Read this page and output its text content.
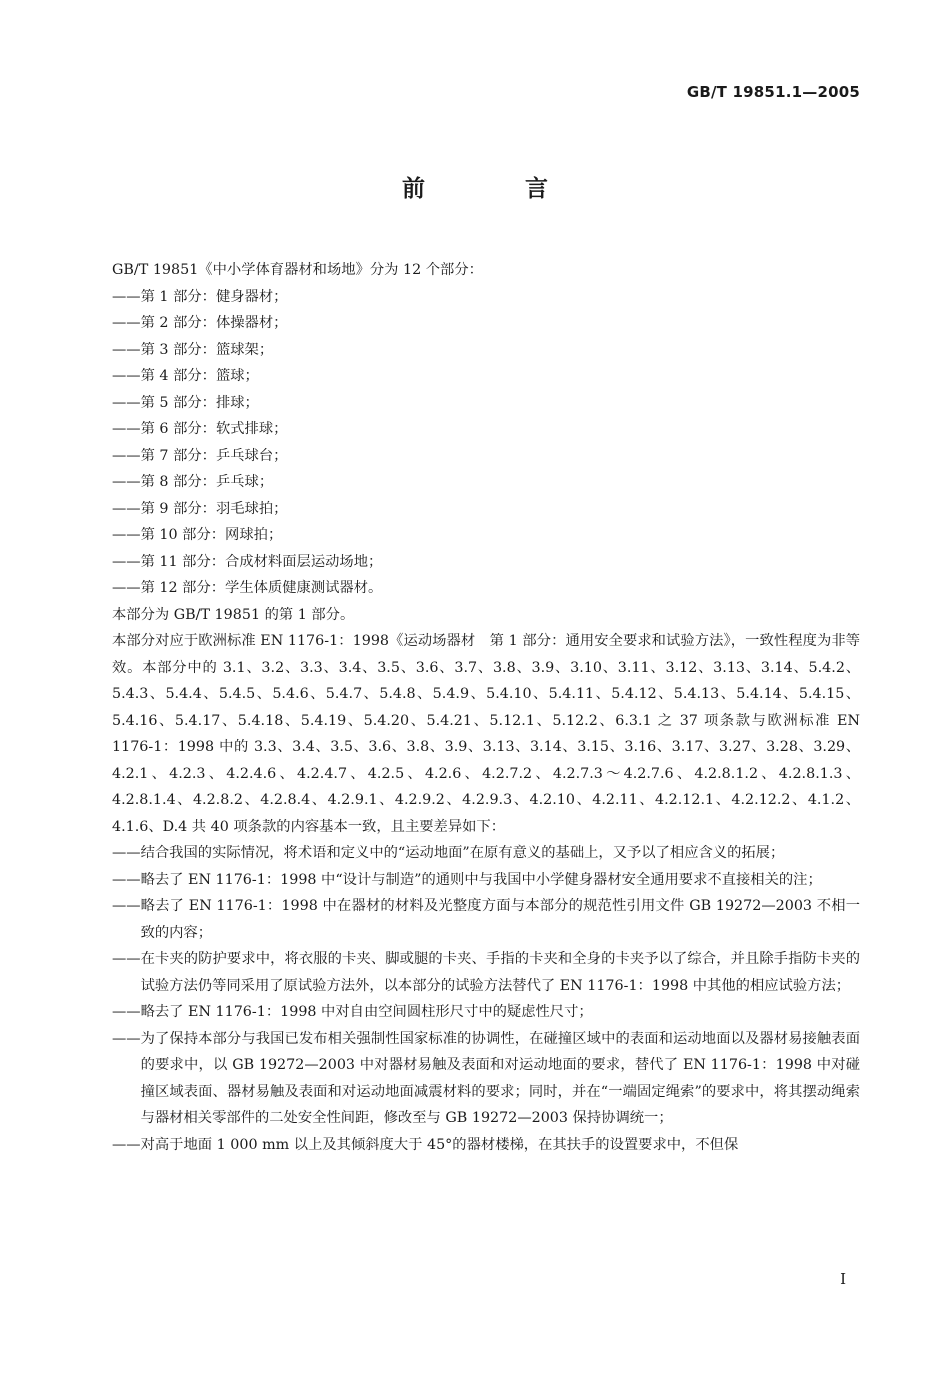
GB/T 19851.1—2005
前 言
GB/T 19851《中小学体育器材和场地》分为 12 个部分：
——第 1 部分：健身器材；
——第 2 部分：体操器材；
——第 3 部分：篮球架；
——第 4 部分：篮球；
——第 5 部分：排球；
——第 6 部分：软式排球；
——第 7 部分：乒乓球台；
——第 8 部分：乒乓球；
——第 9 部分：羽毛球拍；
——第 10 部分：网球拍；
——第 11 部分：合成材料面层运动场地；
——第 12 部分：学生体质健康测试器材。
本部分为 GB/T 19851 的第 1 部分。
本部分对应于欧洲标准 EN 1176-1：1998《运动场器材　第 1 部分：通用安全要求和试验方法》，一致性程度为非等效。本部分中的 3.1、3.2、3.3、3.4、3.5、3.6、3.7、3.8、3.9、3.10、3.11、3.12、3.13、3.14、5.4.2、5.4.3、5.4.4、5.4.5、5.4.6、5.4.7、5.4.8、5.4.9、5.4.10、5.4.11、5.4.12、5.4.13、5.4.14、5.4.15、5.4.16、5.4.17、5.4.18、5.4.19、5.4.20、5.4.21、5.12.1、5.12.2、6.3.1 之 37 项条款与欧洲标准 EN 1176-1：1998 中的 3.3、3.4、3.5、3.6、3.8、3.9、3.13、3.14、3.15、3.16、3.17、3.27、3.28、3.29、4.2.1、4.2.3、4.2.4.6、4.2.4.7、4.2.5、4.2.6、4.2.7.2、4.2.7.3～4.2.7.6、4.2.8.1.2、4.2.8.1.3、4.2.8.1.4、4.2.8.2、4.2.8.4、4.2.9.1、4.2.9.2、4.2.9.3、4.2.10、4.2.11、4.2.12.1、4.2.12.2、4.1.2、4.1.6、D.4 共 40 项条款的内容基本一致，且主要差异如下：
—— 结合我国的实际情况，将术语和定义中的“运动地面”在原有意义的基础上，又予以了相应含义的拓展；
—— 略去了 EN 1176-1：1998 中“设计与制造”的通则中与我国中小学健身器材安全通用要求不直接相关的注；
—— 略去了 EN 1176-1：1998 中在器材的材料及光整度方面与本部分的规范性引用文件 GB 19272—2003 不相一致的内容；
—— 在卡夹的防护要求中，将衣服的卡夹、脚或腿的卡夹、手指的卡夹和全身的卡夹予以了综合，并且除手指防卡夹的试验方法仍等同采用了原试验方法外，以本部分的试验方法替代了 EN 1176-1：1998 中其他的相应试验方法；
—— 略去了 EN 1176-1：1998 中对自由空间圆柱形尺寸中的疑虑性尺寸；
—— 为了保持本部分与我国已发布相关强制性国家标准的协调性，在碰撞区域中的表面和运动地面以及器材易接触表面的要求中，以 GB 19272—2003 中对器材易触及表面和对运动地面的要求，替代了 EN 1176-1：1998 中对碰撞区域表面、器材易触及表面和对运动地面减震材料的要求；同时，并在“一端固定绳索”的要求中，将其摆动绳索与器材相关零部件的二处安全性间距，修改至与 GB 19272—2003 保持协调统一；
—— 对高于地面 1 000 mm 以上及其倾斜度大于 45°的器材楼梯，在其扶手的设置要求中，不但保
I
